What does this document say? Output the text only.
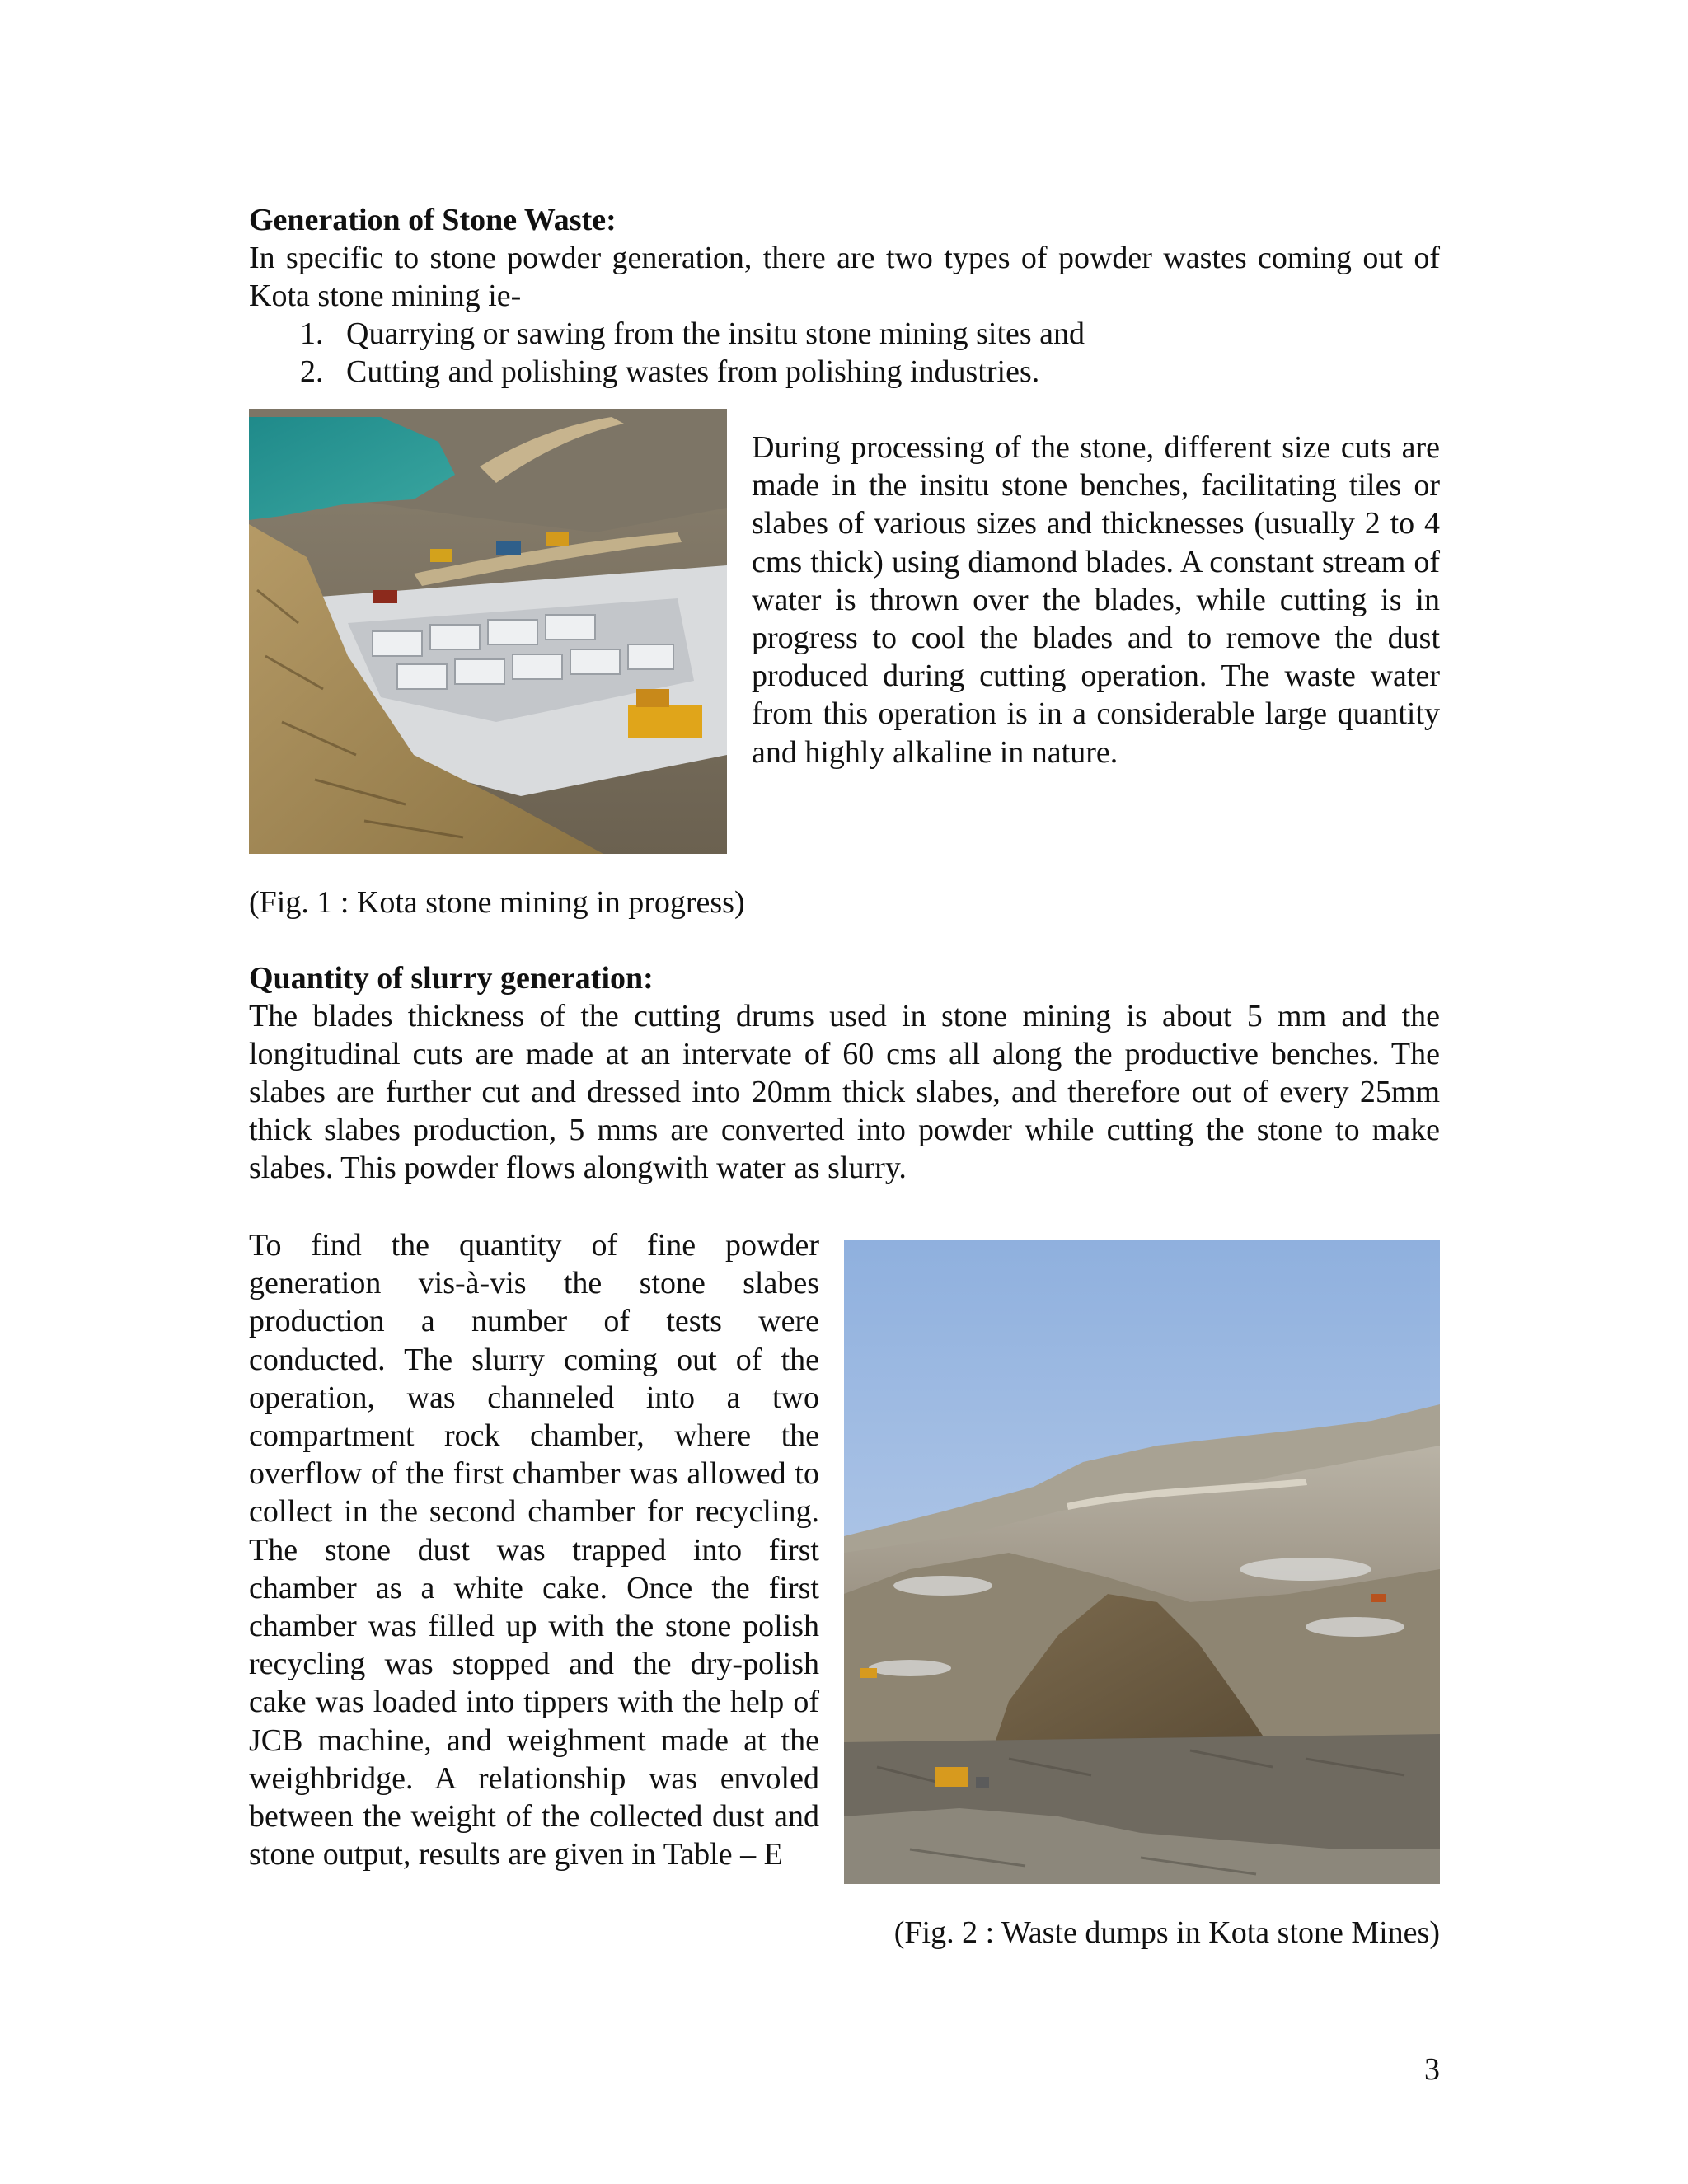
Generation of Stone Waste:
In specific to stone powder generation, there are two types of powder wastes coming out of Kota stone mining ie-
1. Quarrying or sawing from the insitu stone mining sites and
2. Cutting and polishing wastes from polishing industries.
During processing of the stone, different size cuts are made in the insitu stone benches, facilitating tiles or slabes of various sizes and thicknesses (usually 2 to 4 cms thick) using diamond blades. A constant stream of water is thrown over the blades, while cutting is in progress to cool the blades and to remove the dust produced during cutting operation. The waste water from this operation is in a considerable large quantity and highly alkaline in nature.
(Fig. 1 : Kota stone mining in progress)
Quantity of slurry generation:
The blades thickness of the cutting drums used in stone mining is about 5 mm and the longitudinal cuts are made at an intervate of 60 cms all along the productive benches. The slabes are further cut and dressed into 20mm thick slabes, and therefore out of every 25mm thick slabes production, 5 mms are converted into powder while cutting the stone to make slabes. This powder flows alongwith water as slurry.
To find the quantity of fine powder generation vis-à-vis the stone slabes production a number of tests were conducted. The slurry coming out of the operation, was channeled into a two compartment rock chamber, where the overflow of the first chamber was allowed to collect in the second chamber for recycling. The stone dust was trapped into first chamber as a white cake. Once the first chamber was filled up with the stone polish recycling was stopped and the dry-polish cake was loaded into tippers with the help of JCB machine, and weighment made at the weighbridge. A relationship was envoled between the weight of the collected dust and stone output, results are given in Table – E
(Fig. 2 : Waste dumps in Kota stone Mines)
3
